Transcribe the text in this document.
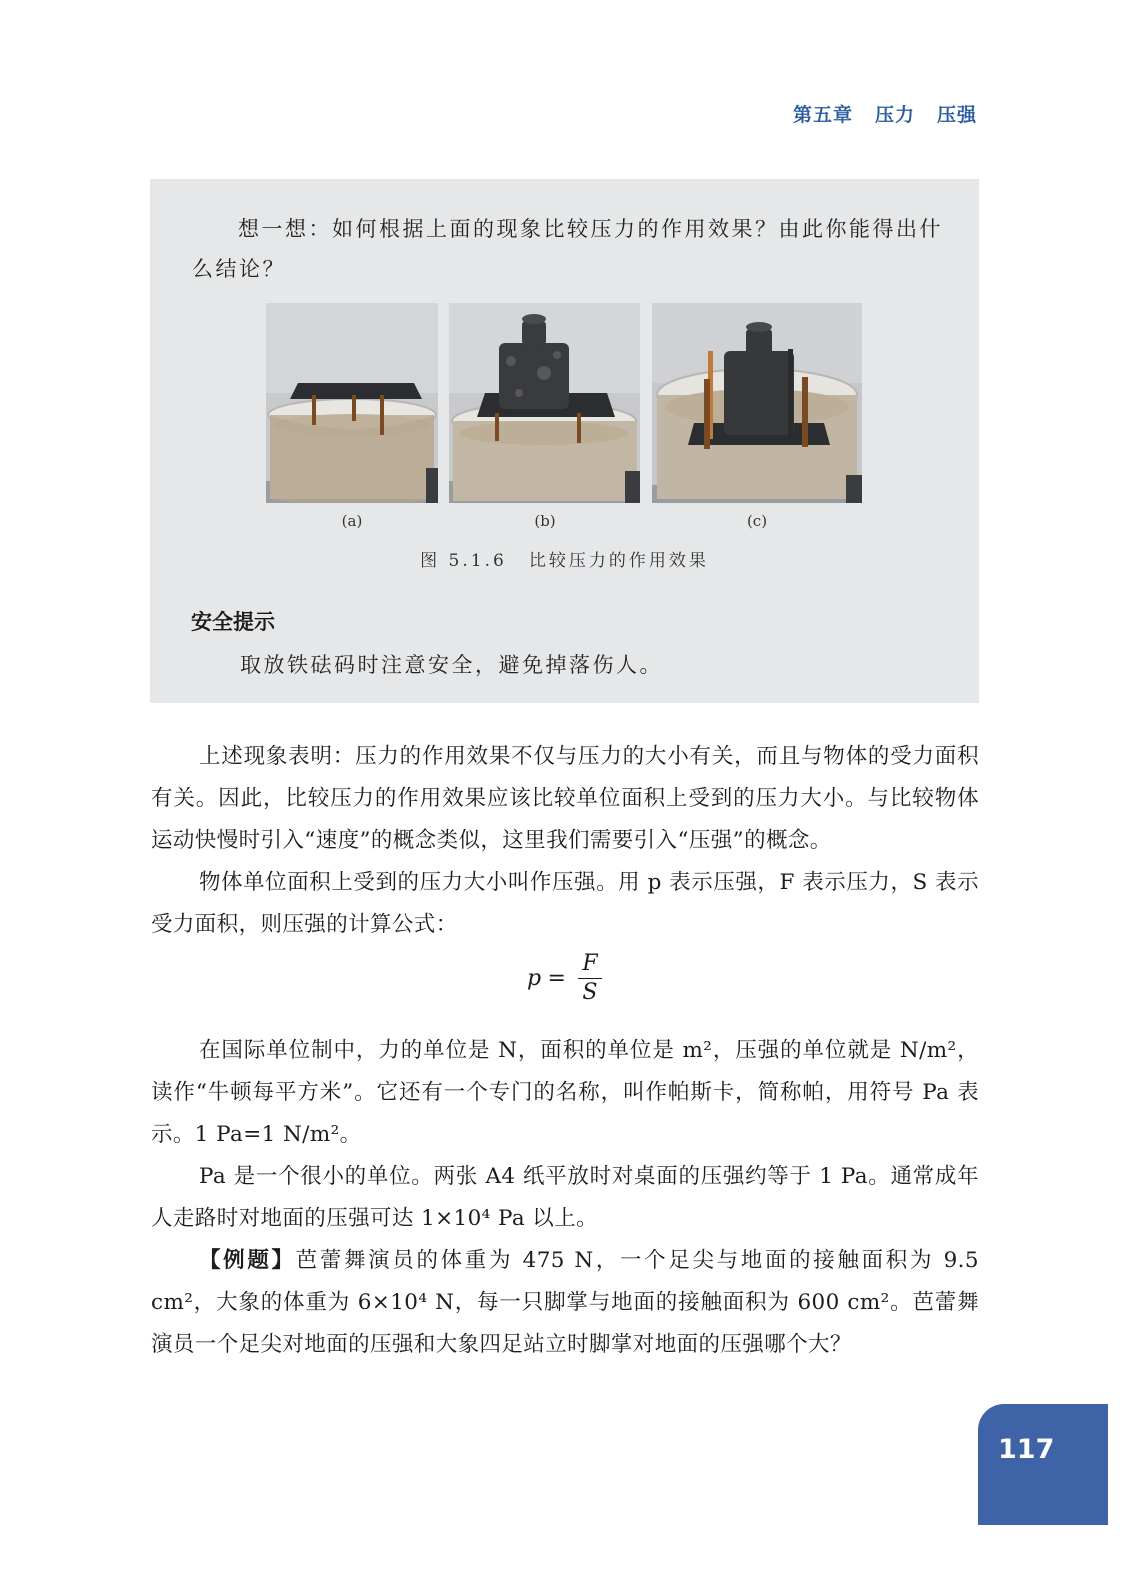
第五章 压力 压强
想一想：如何根据上面的现象比较压力的作用效果？由此你能得出什么结论？
(a)	(b)	(c)
图 5.1.6 比较压力的作用效果
安全提示
取放铁砝码时注意安全，避免掉落伤人。

上述现象表明：压力的作用效果不仅与压力的大小有关，而且与物体的受力面积有关。因此，比较压力的作用效果应该比较单位面积上受到的压力大小。与比较物体运动快慢时引入“速度”的概念类似，这里我们需要引入“压强”的概念。

物体单位面积上受到的压力大小叫作压强。用 p 表示压强，F 表示压力，S 表示受力面积，则压强的计算公式：

$p = \frac{F}{S}$

在国际单位制中，力的单位是 N，面积的单位是 m²，压强的单位就是 N/m²，读作“牛顿每平方米”。它还有一个专门的名称，叫作帕斯卡，简称帕，用符号 Pa 表示。1 Pa=1 N/m²。

Pa 是一个很小的单位。两张 A4 纸平放时对桌面的压强约等于 1 Pa。通常成年人走路时对地面的压强可达 1×10⁴ Pa 以上。

【例题】芭蕾舞演员的体重为 475 N，一个足尖与地面的接触面积为 9.5 cm²，大象的体重为 6×10⁴ N，每一只脚掌与地面的接触面积为 600 cm²。芭蕾舞演员一个足尖对地面的压强和大象四足站立时脚掌对地面的压强哪个大？

117
